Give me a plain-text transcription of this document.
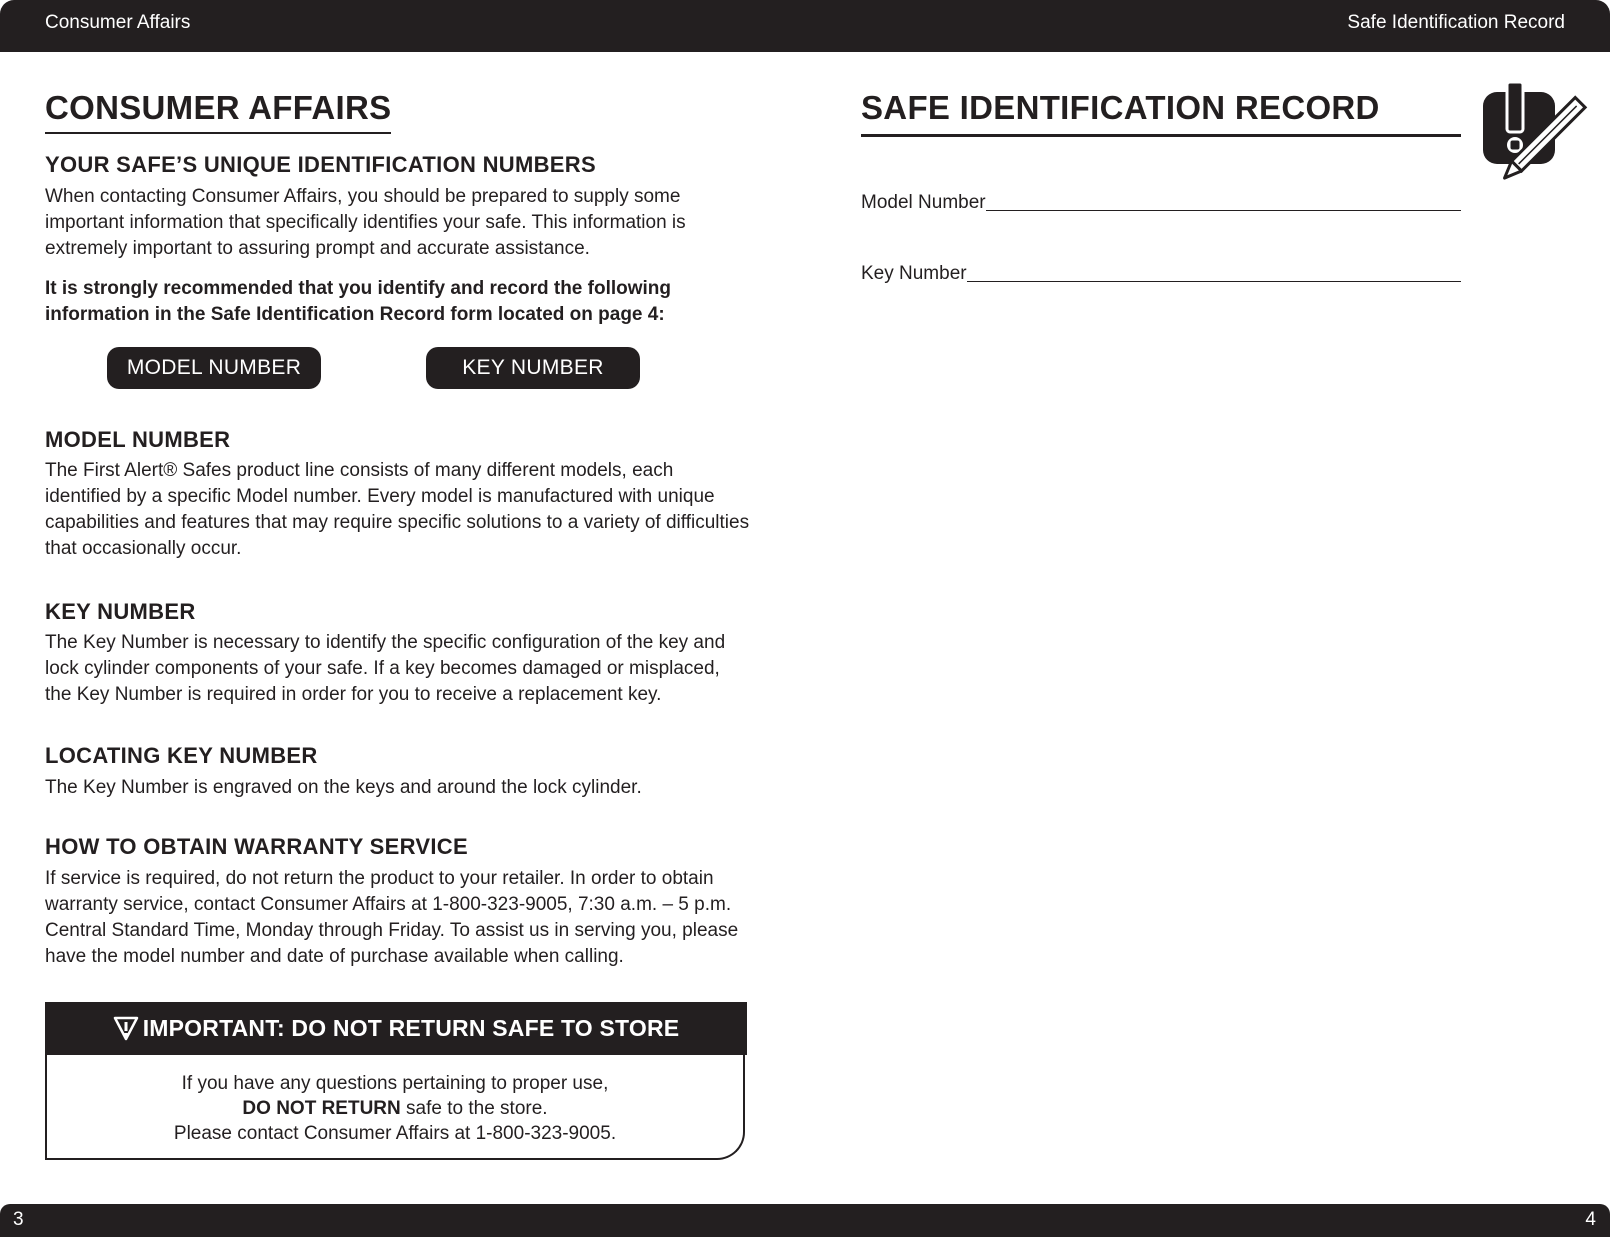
Consumer Affairs	Safe Identification Record
CONSUMER AFFAIRS
YOUR SAFE’S UNIQUE IDENTIFICATION NUMBERS

When contacting Consumer Affairs, you should be prepared to supply some important information that specifically identifies your safe. This information is extremely important to assuring prompt and accurate assistance.

It is strongly recommended that you identify and record the following information in the Safe Identification Record form located on page 4:

MODEL NUMBER	KEY NUMBER
MODEL NUMBER

The First Alert® Safes product line consists of many different models, each identified by a specific Model number. Every model is manufactured with unique capabilities and features that may require specific solutions to a variety of difficulties that occasionally occur.

KEY NUMBER

The Key Number is necessary to identify the specific configuration of the key and lock cylinder components of your safe. If a key becomes damaged or misplaced, the Key Number is required in order for you to receive a replacement key.

LOCATING KEY NUMBER

The Key Number is engraved on the keys and around the lock cylinder.

HOW TO OBTAIN WARRANTY SERVICE

If service is required, do not return the product to your retailer. In order to obtain warranty service, contact Consumer Affairs at 1-800-323-9005, 7:30 a.m. – 5 p.m. Central Standard Time, Monday through Friday. To assist us in serving you, please have the model number and date of purchase available when calling.

IMPORTANT: DO NOT RETURN SAFE TO STORE
If you have any questions pertaining to proper use,
DO NOT RETURN safe to the store.
Please contact Consumer Affairs at 1-800-323-9005.
SAFE IDENTIFICATION RECORD
Model Number
Key Number
3	4
